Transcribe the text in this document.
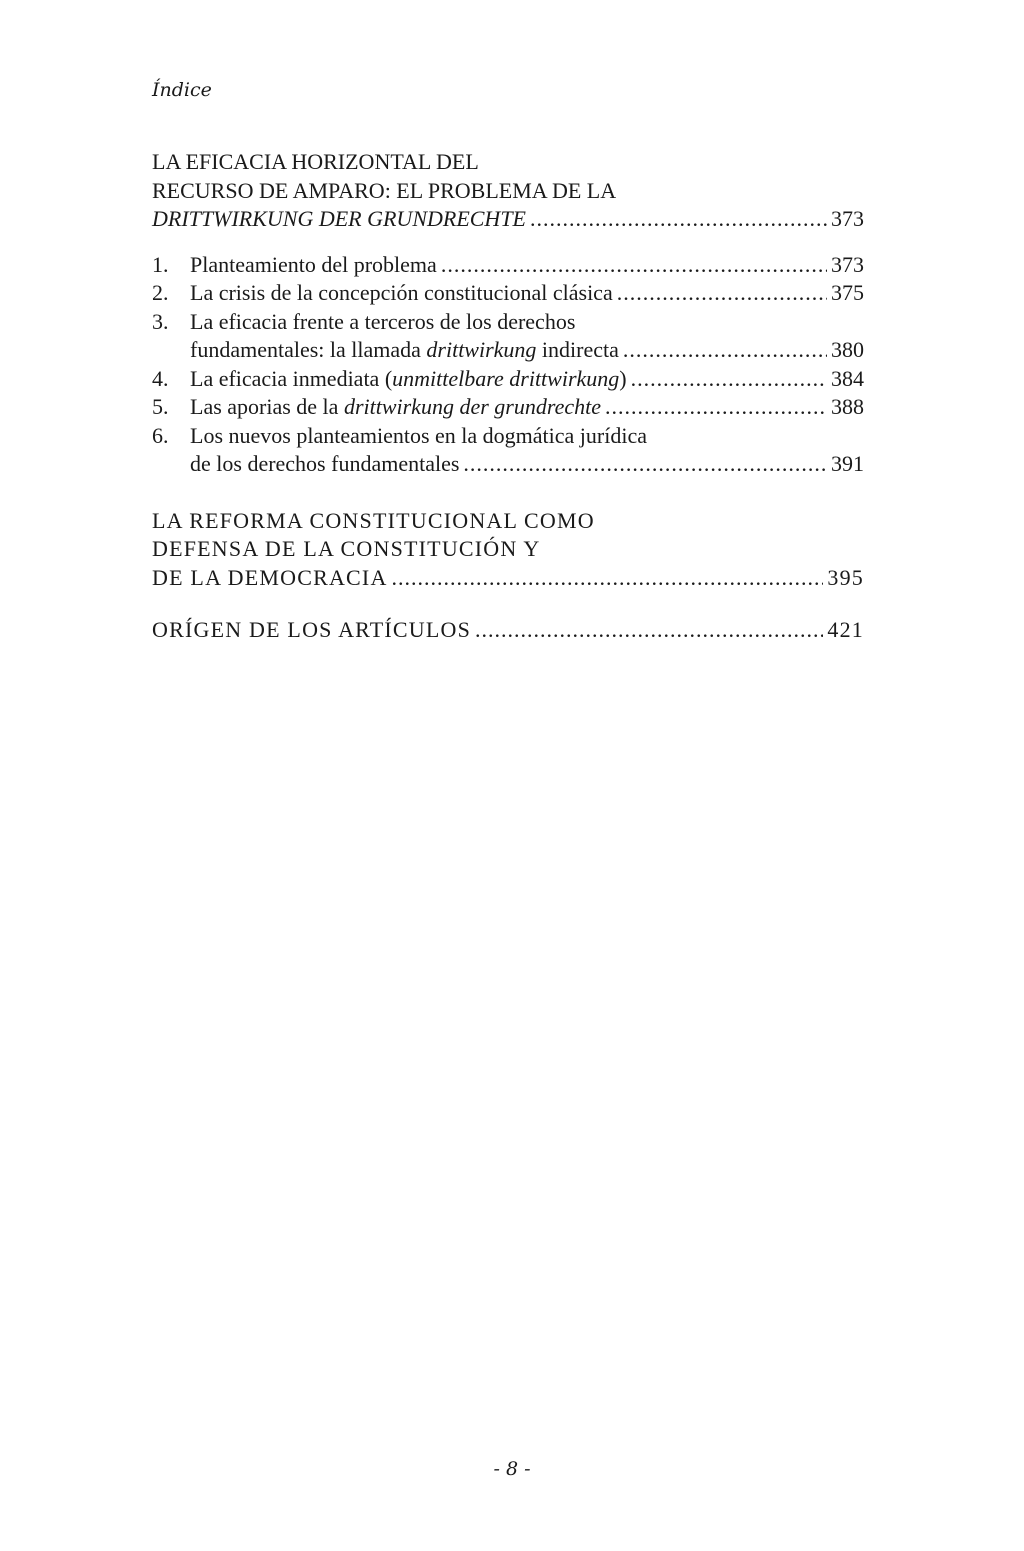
Índice
LA EFICACIA HORIZONTAL DEL
RECURSO DE AMPARO: EL PROBLEMA DE LA
DRITTWIRKUNG DER GRUNDRECHTE .....	373
1. Planteamiento del problema .....	373
2. La crisis de la concepción constitucional clásica .....	375
3. La eficacia frente a terceros de los derechos
fundamentales: la llamada drittwirkung indirecta .....	380
4. La eficacia inmediata (unmittelbare drittwirkung) .....	384
5. Las aporias de la drittwirkung der grundrechte .....	388
6. Los nuevos planteamientos en la dogmática jurídica
de los derechos fundamentales .....	391
LA REFORMA CONSTITUCIONAL COMO
DEFENSA DE LA CONSTITUCIÓN Y
DE LA DEMOCRACIA .....	395
ORÍGEN DE LOS ARTÍCULOS .....	421
- 8 -
